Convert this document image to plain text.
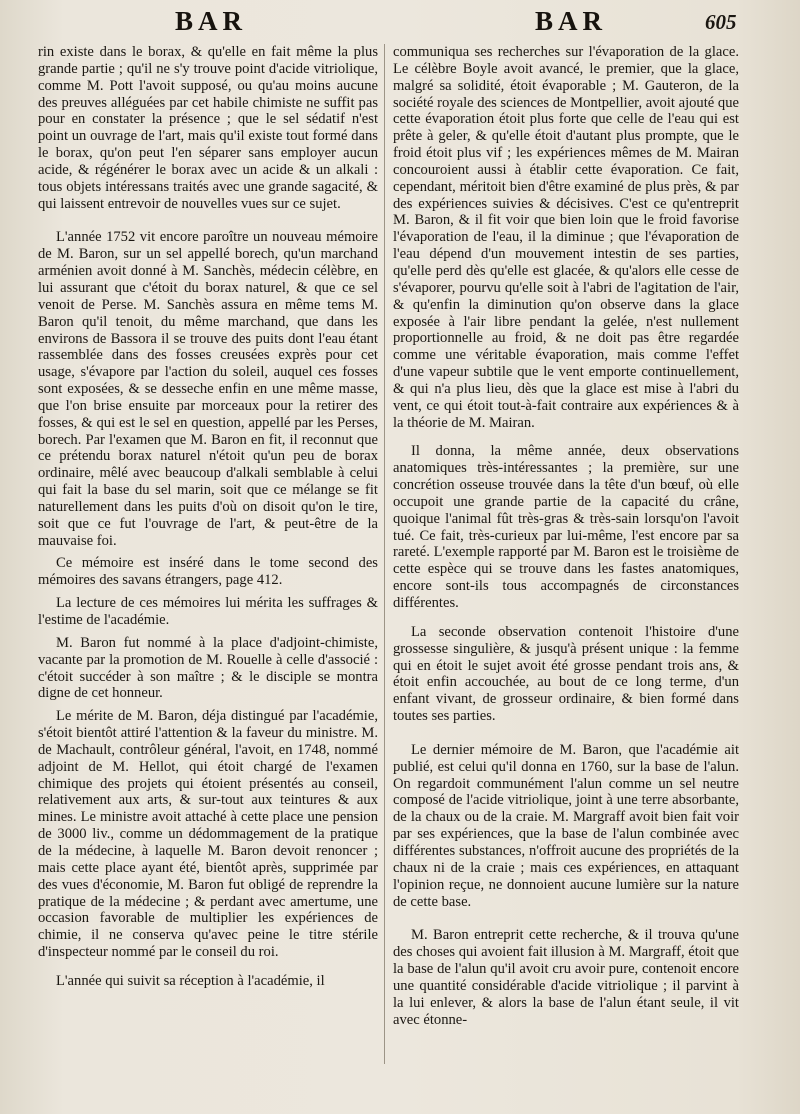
BAR	BAR	605

rin existe dans le borax, & qu'elle en fait même la plus grande partie ; qu'il ne s'y trouve point d'acide vitriolique, comme M. Pott l'avoit supposé, ou qu'au moins aucune des preuves alléguées par cet habile chimiste ne suffit pas pour en constater la présence ; que le sel sédatif n'est point un ouvrage de l'art, mais qu'il existe tout formé dans le borax, qu'on peut l'en séparer sans employer aucun acide, & régénérer le borax avec un acide & un alkali : tous objets intéressans traités avec une grande sagacité, & qui laissent entrevoir de nouvelles vues sur ce sujet.

L'année 1752 vit encore paroître un nouveau mémoire de M. Baron, sur un sel appellé borech, qu'un marchand arménien avoit donné à M. Sanchès, médecin célèbre, en lui assurant que c'étoit du borax naturel, & que ce sel venoit de Perse. M. Sanchès assura en même tems M. Baron qu'il tenoit, du même marchand, que dans les environs de Bassora il se trouve des puits dont l'eau étant rassemblée dans des fosses creusées exprès pour cet usage, s'évapore par l'action du soleil, auquel ces fosses sont exposées, & se desseche enfin en une même masse, que l'on brise ensuite par morceaux pour la retirer des fosses, & qui est le sel en question, appellé par les Perses, borech. Par l'examen que M. Baron en fit, il reconnut que ce prétendu borax naturel n'étoit qu'un peu de borax ordinaire, mêlé avec beaucoup d'alkali semblable à celui qui fait la base du sel marin, soit que ce mélange se fit naturellement dans les puits d'où on disoit qu'on le tire, soit que ce fut l'ouvrage de l'art, & peut-être de la mauvaise foi.

Ce mémoire est inséré dans le tome second des mémoires des savans étrangers, page 412.

La lecture de ces mémoires lui mérita les suffrages & l'estime de l'académie.

M. Baron fut nommé à la place d'adjoint-chimiste, vacante par la promotion de M. Rouelle à celle d'associé : c'étoit succéder à son maître ; & le disciple se montra digne de cet honneur.

Le mérite de M. Baron, déja distingué par l'académie, s'étoit bientôt attiré l'attention & la faveur du ministre. M. de Machault, contrôleur général, l'avoit, en 1748, nommé adjoint de M. Hellot, qui étoit chargé de l'examen chimique des projets qui étoient présentés au conseil, relativement aux arts, & sur-tout aux teintures & aux mines. Le ministre avoit attaché à cette place une pension de 3000 liv., comme un dédommagement de la pratique de la médecine, à laquelle M. Baron devoit renoncer ; mais cette place ayant été, bientôt après, supprimée par des vues d'économie, M. Baron fut obligé de reprendre la pratique de la médecine ; & perdant avec amertume, une occasion favorable de multiplier les expériences de chimie, il ne conserva qu'avec peine le titre stérile d'inspecteur nommé par le conseil du roi.

L'année qui suivit sa réception à l'académie, il

communiqua ses recherches sur l'évaporation de la glace. Le célèbre Boyle avoit avancé, le premier, que la glace, malgré sa solidité, étoit évaporable ; M. Gauteron, de la société royale des sciences de Montpellier, avoit ajouté que cette évaporation étoit plus forte que celle de l'eau qui est prête à geler, & qu'elle étoit d'autant plus prompte, que le froid étoit plus vif ; les expériences mêmes de M. Mairan concouroient aussi à établir cette évaporation. Ce fait, cependant, méritoit bien d'être examiné de plus près, & par des expériences suivies & décisives. C'est ce qu'entreprit M. Baron, & il fit voir que bien loin que le froid favorise l'évaporation de l'eau, il la diminue ; que l'évaporation de l'eau dépend d'un mouvement intestin de ses parties, qu'elle perd dès qu'elle est glacée, & qu'alors elle cesse de s'évaporer, pourvu qu'elle soit à l'abri de l'agitation de l'air, & qu'enfin la diminution qu'on observe dans la glace exposée à l'air libre pendant la gelée, n'est nullement proportionnelle au froid, & ne doit pas être regardée comme une véritable évaporation, mais comme l'effet d'une vapeur subtile que le vent emporte continuellement, & qui n'a plus lieu, dès que la glace est mise à l'abri du vent, ce qui étoit tout-à-fait contraire aux expériences & à la théorie de M. Mairan.

Il donna, la même année, deux observations anatomiques très-intéressantes ; la première, sur une concrétion osseuse trouvée dans la tête d'un bœuf, où elle occupoit une grande partie de la capacité du crâne, quoique l'animal fût très-gras & très-sain lorsqu'on l'avoit tué. Ce fait, très-curieux par lui-même, l'est encore par sa rareté. L'exemple rapporté par M. Baron est le troisième de cette espèce qui se trouve dans les fastes anatomiques, encore sont-ils tous accompagnés de circonstances différentes.

La seconde observation contenoit l'histoire d'une grossesse singulière, & jusqu'à présent unique : la femme qui en étoit le sujet avoit été grosse pendant trois ans, & étoit enfin accouchée, au bout de ce long terme, d'un enfant vivant, de grosseur ordinaire, & bien formé dans toutes ses parties.

Le dernier mémoire de M. Baron, que l'académie ait publié, est celui qu'il donna en 1760, sur la base de l'alun. On regardoit communément l'alun comme un sel neutre composé de l'acide vitriolique, joint à une terre absorbante, de la chaux ou de la craie. M. Margraff avoit bien fait voir par ses expériences, que la base de l'alun combinée avec différentes substances, n'offroit aucune des propriétés de la chaux ni de la craie ; mais ces expériences, en attaquant l'opinion reçue, ne donnoient aucune lumière sur la nature de cette base.

M. Baron entreprit cette recherche, & il trouva qu'une des choses qui avoient fait illusion à M. Margraff, étoit que la base de l'alun qu'il avoit cru avoir pure, contenoit encore une quantité considérable d'acide vitriolique ; il parvint à la lui enlever, & alors la base de l'alun étant seule, il vit avec étonne-
